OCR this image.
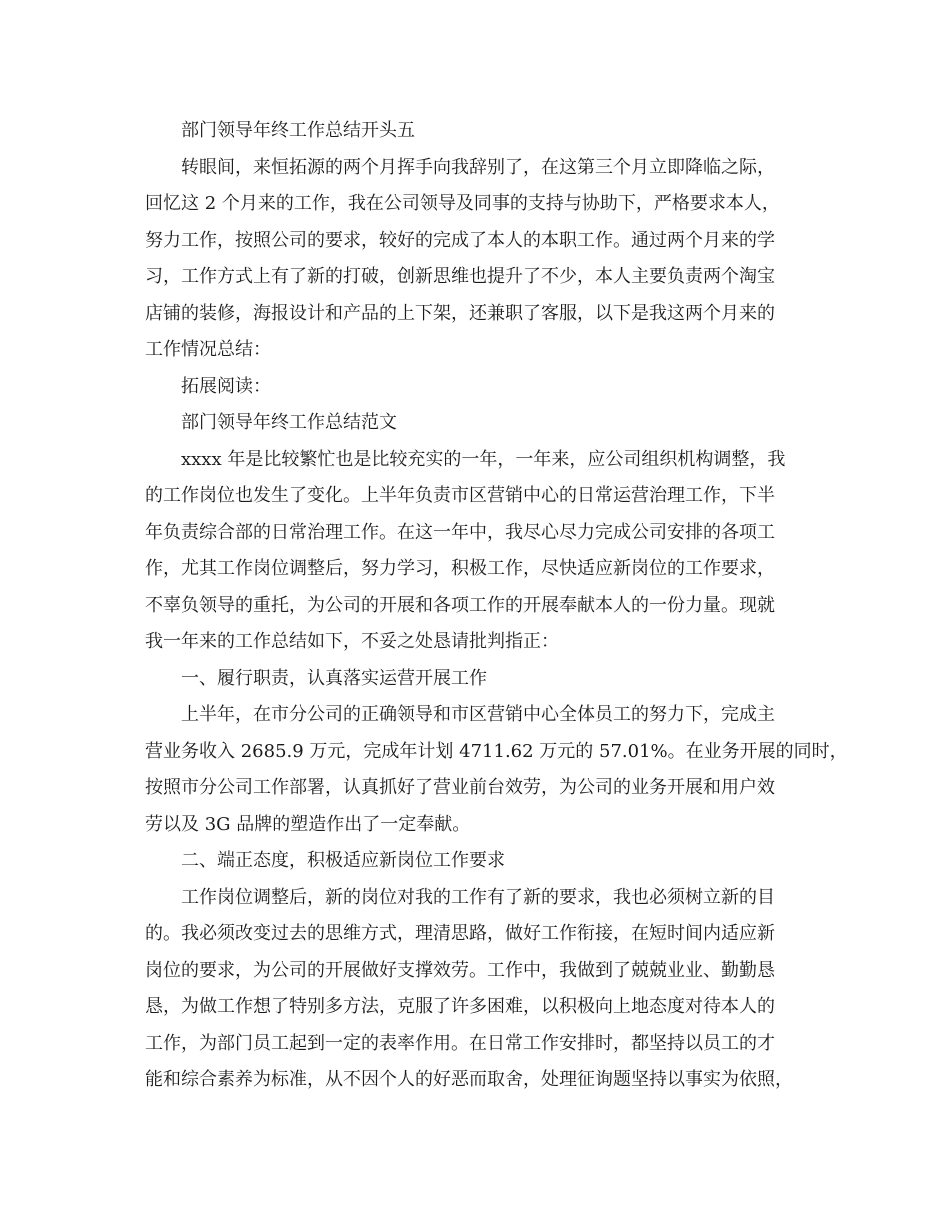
部门领导年终工作总结开头五
转眼间，来恒拓源的两个月挥手向我辞别了，在这第三个月立即降临之际，
回忆这 2 个月来的工作，我在公司领导及同事的支持与协助下，严格要求本人，
努力工作，按照公司的要求，较好的完成了本人的本职工作。通过两个月来的学
习，工作方式上有了新的打破，创新思维也提升了不少，本人主要负责两个淘宝
店铺的装修，海报设计和产品的上下架，还兼职了客服，以下是我这两个月来的
工作情况总结：
拓展阅读：
部门领导年终工作总结范文
xxxx 年是比较繁忙也是比较充实的一年，一年来，应公司组织机构调整，我
的工作岗位也发生了变化。上半年负责市区营销中心的日常运营治理工作，下半
年负责综合部的日常治理工作。在这一年中，我尽心尽力完成公司安排的各项工
作，尤其工作岗位调整后，努力学习，积极工作，尽快适应新岗位的工作要求，
不辜负领导的重托，为公司的开展和各项工作的开展奉献本人的一份力量。现就
我一年来的工作总结如下，不妥之处恳请批判指正：
一、履行职责，认真落实运营开展工作
上半年，在市分公司的正确领导和市区营销中心全体员工的努力下，完成主
营业务收入 2685.9 万元，完成年计划 4711.62 万元的 57.01%。在业务开展的同时，
按照市分公司工作部署，认真抓好了营业前台效劳，为公司的业务开展和用户效
劳以及 3G 品牌的塑造作出了一定奉献。
二、端正态度，积极适应新岗位工作要求
工作岗位调整后，新的岗位对我的工作有了新的要求，我也必须树立新的目
的。我必须改变过去的思维方式，理清思路，做好工作衔接，在短时间内适应新
岗位的要求，为公司的开展做好支撑效劳。工作中，我做到了兢兢业业、勤勤恳
恳，为做工作想了特别多方法，克服了许多困难，以积极向上地态度对待本人的
工作，为部门员工起到一定的表率作用。在日常工作安排时，都坚持以员工的才
能和综合素养为标准，从不因个人的好恶而取舍，处理征询题坚持以事实为依照，
